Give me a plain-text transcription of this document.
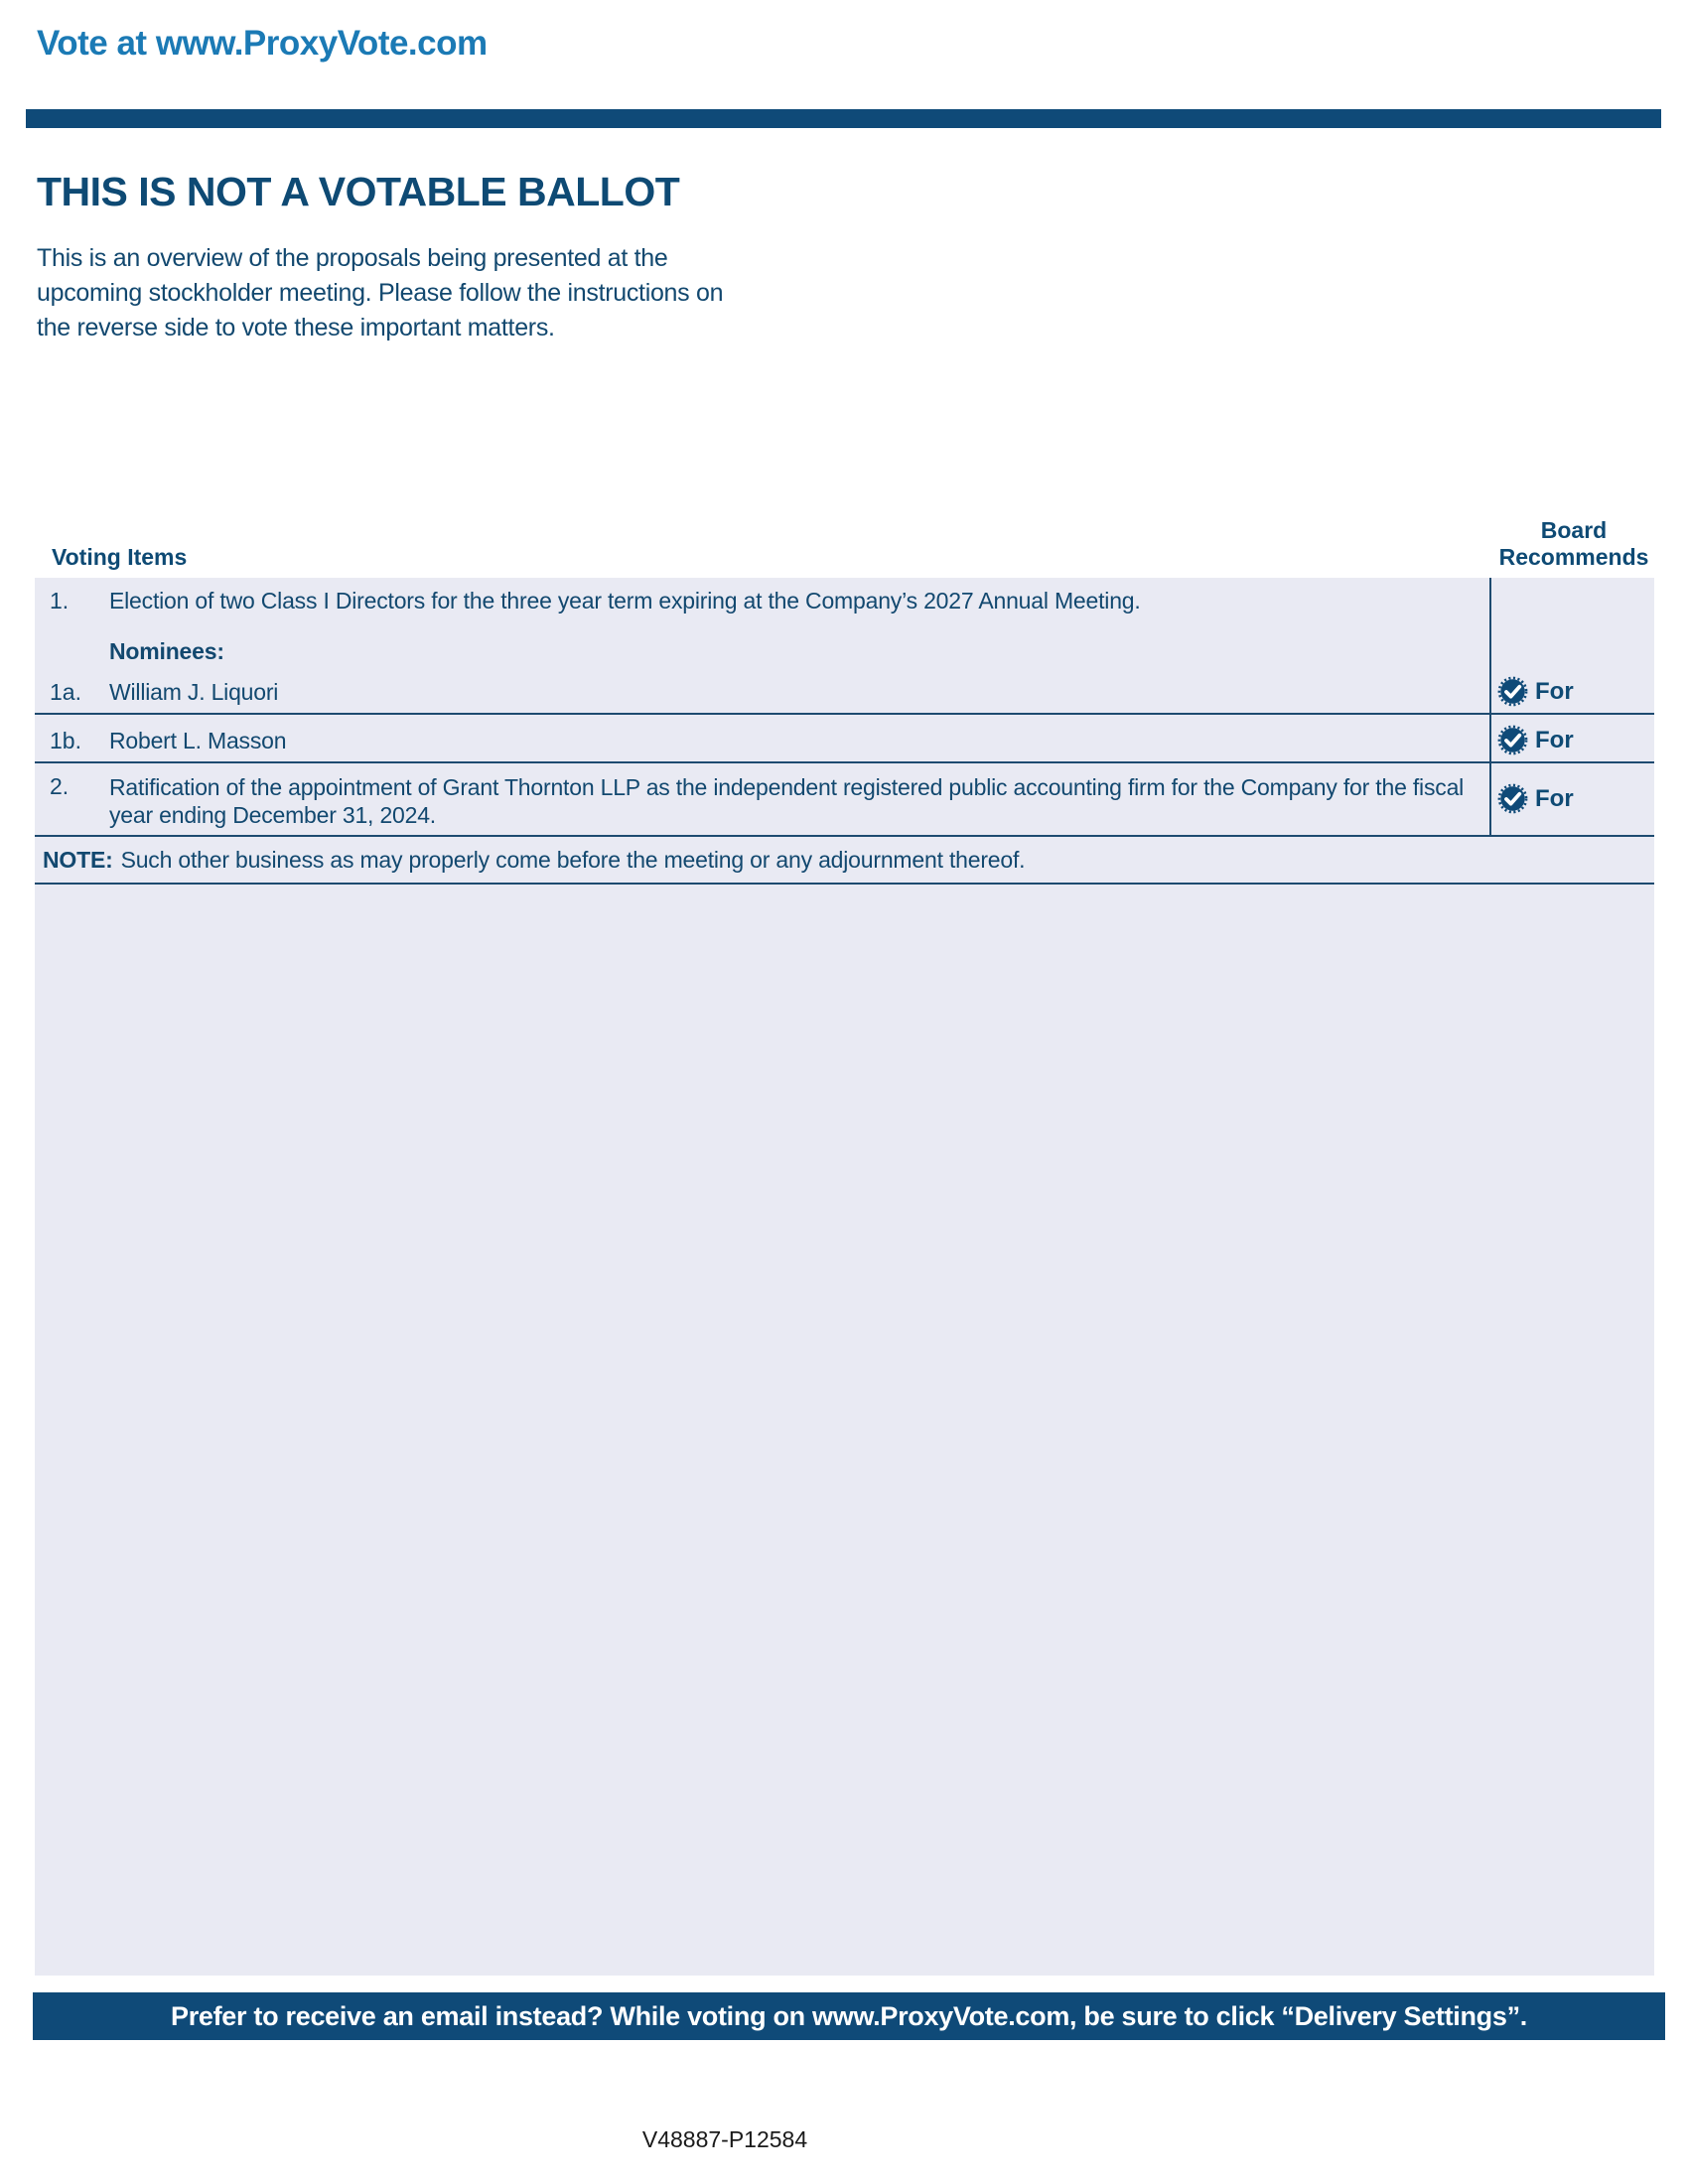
Vote at www.ProxyVote.com
THIS IS NOT A VOTABLE BALLOT
This is an overview of the proposals being presented at the
upcoming stockholder meeting. Please follow the instructions on
the reverse side to vote these important matters.
Voting Items
Board
Recommends
1. Election of two Class I Directors for the three year term expiring at the Company’s 2027 Annual Meeting.
Nominees:
1a. William J. Liquori
1b. Robert L. Masson
2. Ratification of the appointment of Grant Thornton LLP as the independent registered public accounting firm for the Company for the fiscal year ending December 31, 2024.
NOTE: Such other business as may properly come before the meeting or any adjournment thereof.
For
For
For
Prefer to receive an email instead? While voting on www.ProxyVote.com, be sure to click “Delivery Settings”.
V48887-P12584
